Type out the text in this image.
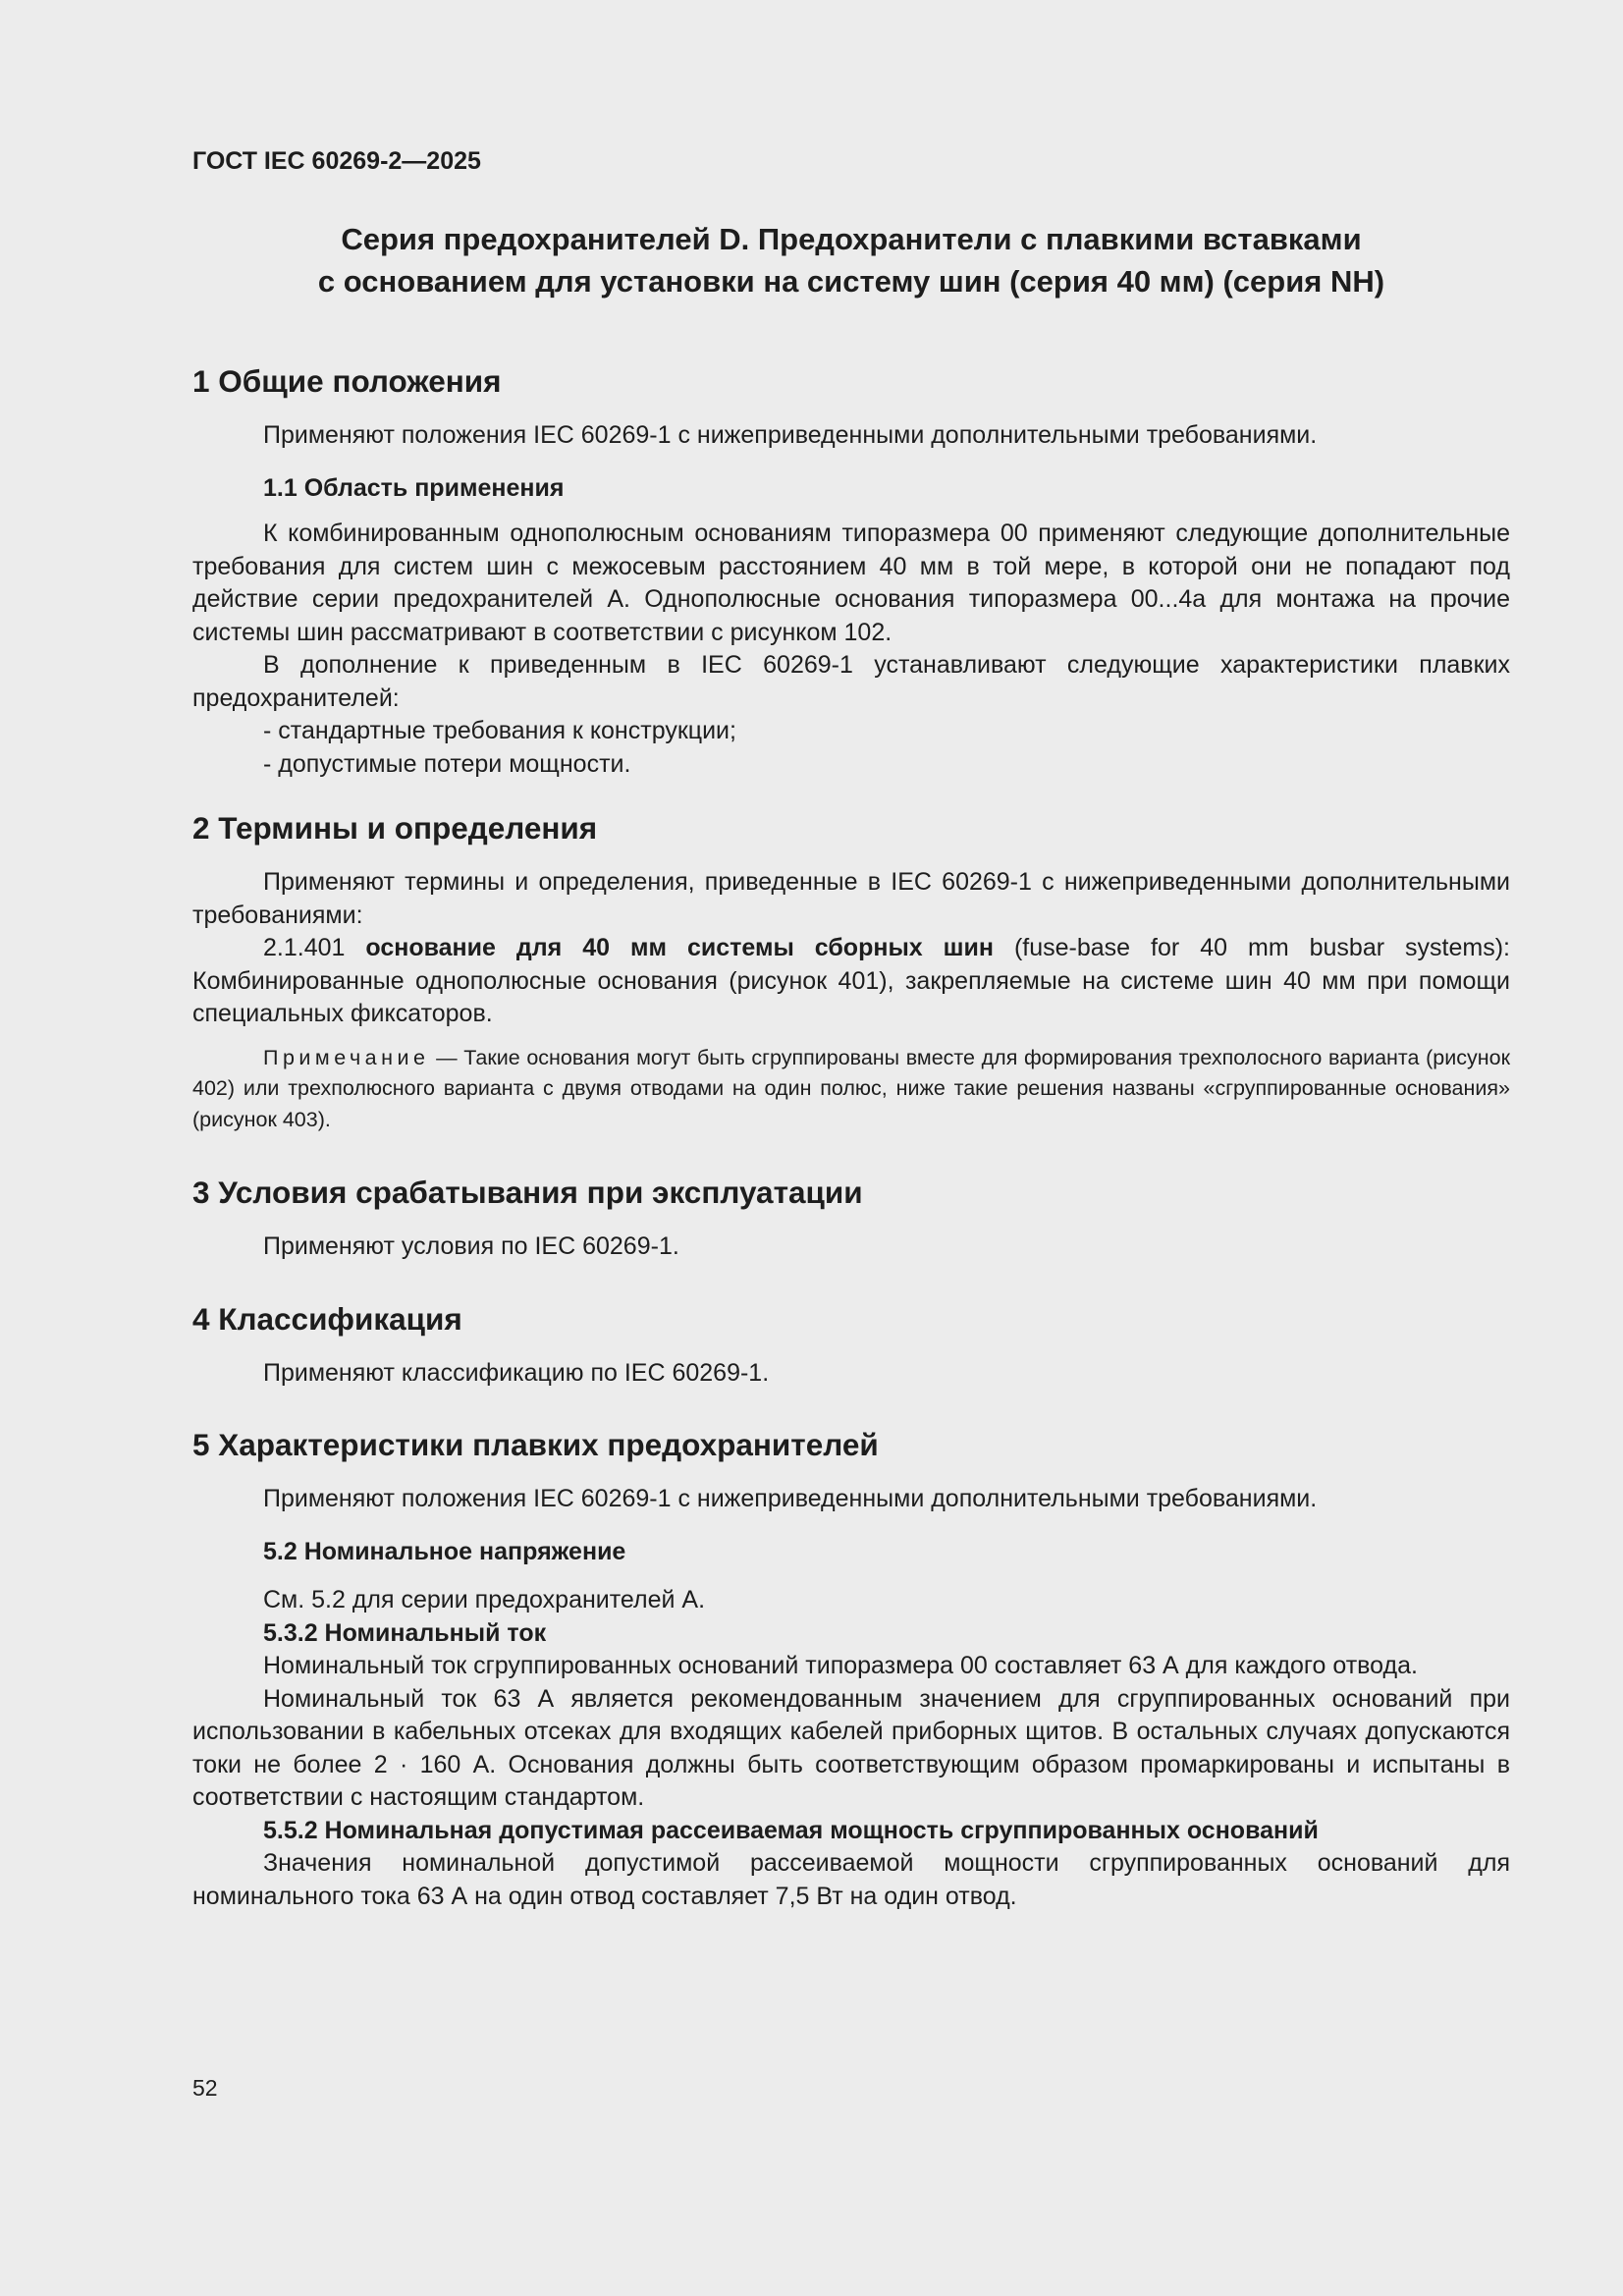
ГОСТ IEC 60269-2—2025

Серия предохранителей D. Предохранители с плавкими вставками
с основанием для установки на систему шин (серия 40 мм) (серия NH)
1 Общие положения

Применяют положения IEC 60269-1 с нижеприведенными дополнительными требованиями.

1.1 Область применения

К комбинированным однополюсным основаниям типоразмера 00 применяют следующие дополнительные требования для систем шин с межосевым расстоянием 40 мм в той мере, в которой они не попадают под действие серии предохранителей А. Однополюсные основания типоразмера 00...4а для монтажа на прочие системы шин рассматривают в соответствии с рисунком 102.

В дополнение к приведенным в IEC 60269-1 устанавливают следующие характеристики плавких предохранителей:

- стандартные требования к конструкции;

- допустимые потери мощности.

2 Термины и определения

Применяют термины и определения, приведенные в IEC 60269-1 с нижеприведенными дополнительными требованиями:

2.1.401 основание для 40 мм системы сборных шин (fuse-base for 40 mm busbar systems): Комбинированные однополюсные основания (рисунок 401), закрепляемые на системе шин 40 мм при помощи специальных фиксаторов.

Примечание — Такие основания могут быть сгруппированы вместе для формирования трехполосного варианта (рисунок 402) или трехполюсного варианта с двумя отводами на один полюс, ниже такие решения названы «сгруппированные основания» (рисунок 403).

3 Условия срабатывания при эксплуатации

Применяют условия по IEC 60269-1.

4 Классификация

Применяют классификацию по IEC 60269-1.

5 Характеристики плавких предохранителей

Применяют положения IEC 60269-1 с нижеприведенными дополнительными требованиями.

5.2 Номинальное напряжение

См. 5.2 для серии предохранителей А.

5.3.2 Номинальный ток

Номинальный ток сгруппированных оснований типоразмера 00 составляет 63 А для каждого отвода.

Номинальный ток 63 А является рекомендованным значением для сгруппированных оснований при использовании в кабельных отсеках для входящих кабелей приборных щитов. В остальных случаях допускаются токи не более 2 · 160 А. Основания должны быть соответствующим образом промаркированы и испытаны в соответствии с настоящим стандартом.

5.5.2 Номинальная допустимая рассеиваемая мощность сгруппированных оснований

Значения номинальной допустимой рассеиваемой мощности сгруппированных оснований для номинального тока 63 А на один отвод составляет 7,5 Вт на один отвод.

52
